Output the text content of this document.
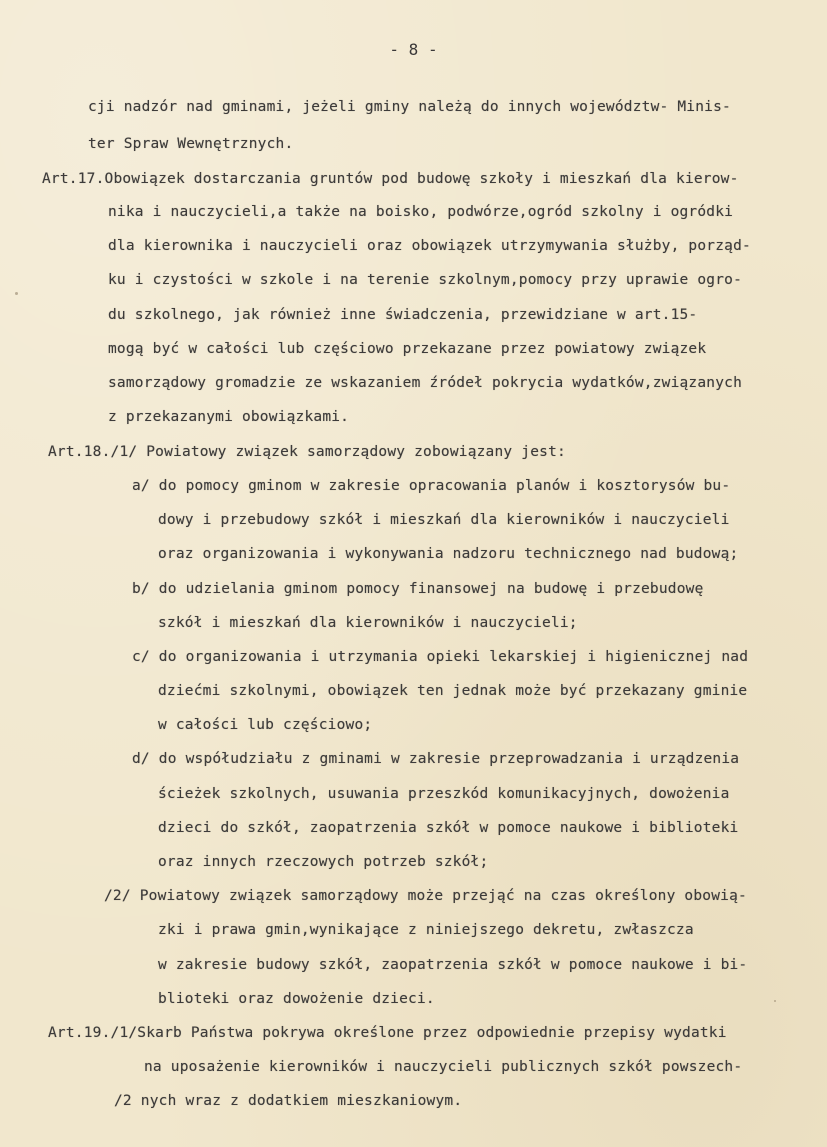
- 8 -
cji nadzór nad gminami, jeżeli gminy należą do innych województw- Minis-
ter Spraw Wewnętrznych.
Art.17.Obowiązek dostarczania gruntów pod budowę szkoły i mieszkań dla kierow-
nika i nauczycieli,a także na boisko, podwórze,ogród szkolny i ogródki
dla kierownika i nauczycieli oraz obowiązek utrzymywania służby, porząd-
ku i czystości w szkole i na terenie szkolnym,pomocy przy uprawie ogro-
du szkolnego, jak również inne świadczenia, przewidziane w art.15-
mogą być w całości lub częściowo przekazane przez powiatowy związek
samorządowy gromadzie ze wskazaniem źródeł pokrycia wydatków,związanych
z przekazanymi obowiązkami.
Art.18./1/ Powiatowy związek samorządowy zobowiązany jest:
a/ do pomocy gminom w zakresie opracowania planów i kosztorysów bu-
dowy i przebudowy szkół i mieszkań dla kierowników i nauczycieli
oraz organizowania i wykonywania nadzoru technicznego nad budową;
b/ do udzielania gminom pomocy finansowej na budowę i przebudowę
szkół i mieszkań dla kierowników i nauczycieli;
c/ do organizowania i utrzymania opieki lekarskiej i higienicznej nad
dziećmi szkolnymi, obowiązek ten jednak może być przekazany gminie
w całości lub częściowo;
d/ do współudziału z gminami w zakresie przeprowadzania i urządzenia
ścieżek szkolnych, usuwania przeszkód komunikacyjnych, dowożenia
dzieci do szkół, zaopatrzenia szkół w pomoce naukowe i biblioteki
oraz innych rzeczowych potrzeb szkół;
/2/ Powiatowy związek samorządowy może przejąć na czas określony obowią-
zki i prawa gmin,wynikające z niniejszego dekretu, zwłaszcza
w zakresie budowy szkół, zaopatrzenia szkół w pomoce naukowe i bi-
blioteki oraz dowożenie dzieci.
Art.19./1/Skarb Państwa pokrywa określone przez odpowiednie przepisy wydatki
na uposażenie kierowników i nauczycieli publicznych szkół powszech-
/2 nych wraz z dodatkiem mieszkaniowym.
